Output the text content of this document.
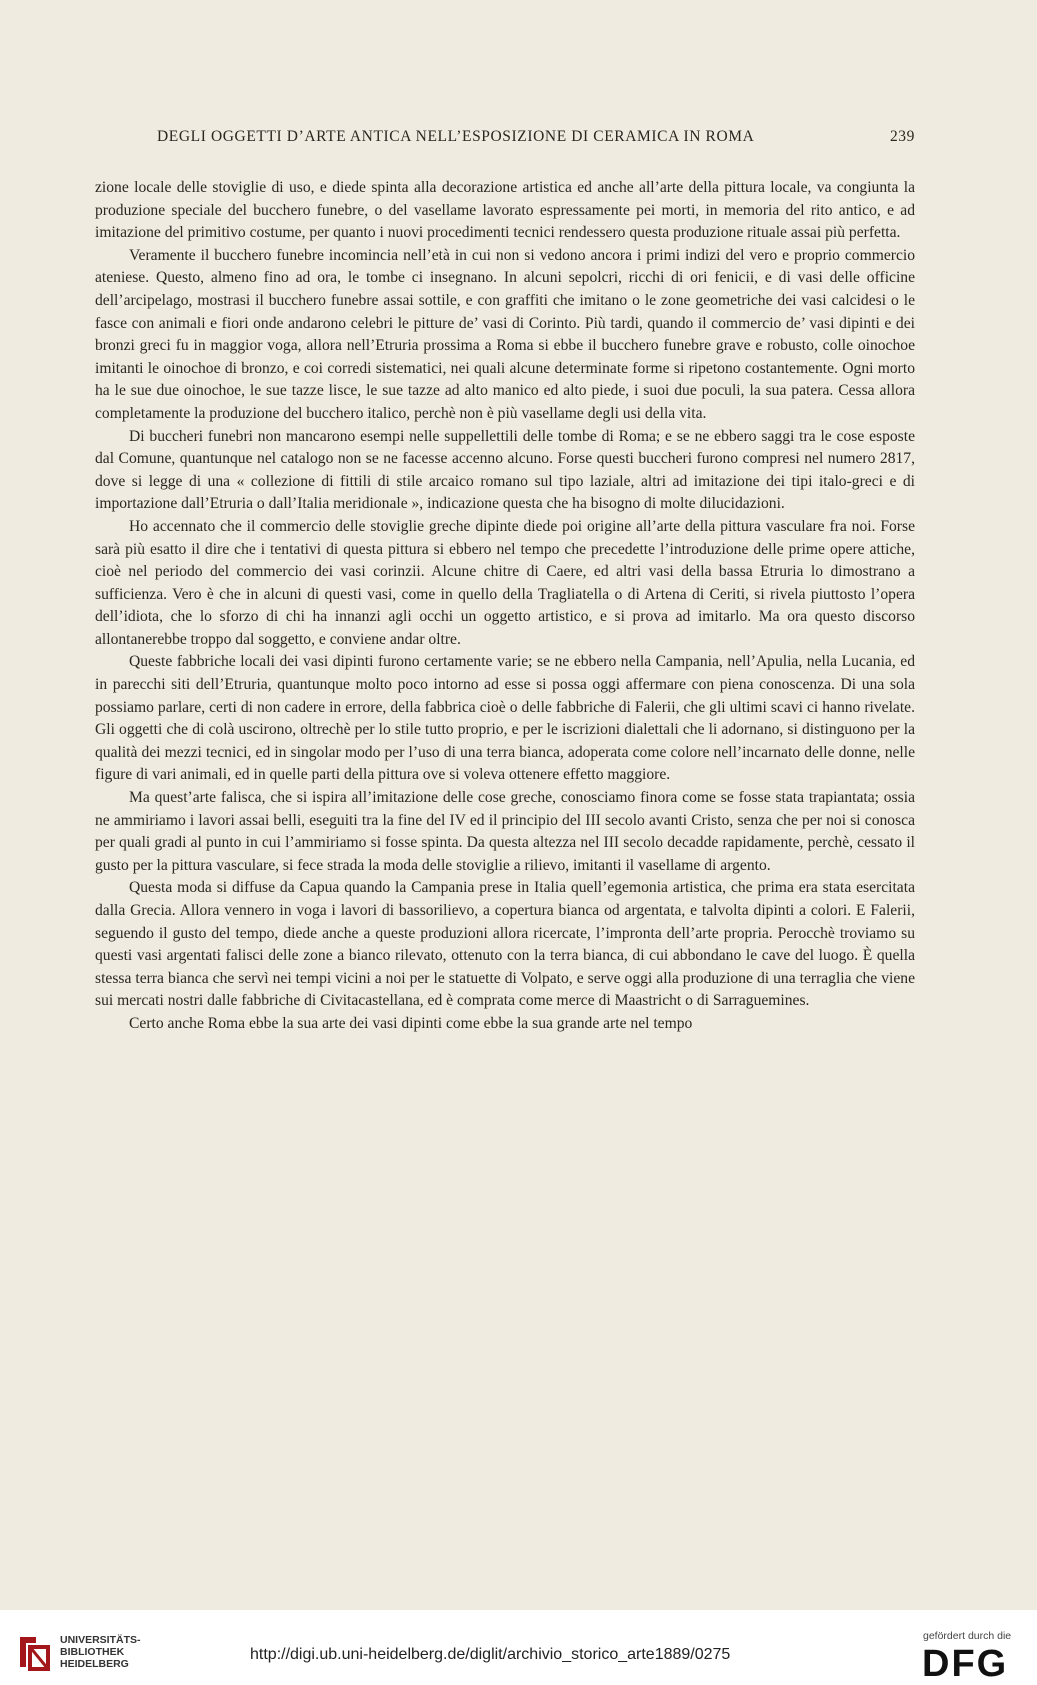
DEGLI OGGETTI D’ARTE ANTICA NELL’ESPOSIZIONE DI CERAMICA IN ROMA	239

zione locale delle stoviglie di uso, e diede spinta alla decorazione artistica ed anche all’arte della pittura locale, va congiunta la produzione speciale del bucchero funebre, o del vasellame lavorato espressamente pei morti, in memoria del rito antico, e ad imitazione del primitivo costume, per quanto i nuovi procedimenti tecnici rendessero questa produzione rituale assai più perfetta.

Veramente il bucchero funebre incomincia nell’età in cui non si vedono ancora i primi indizi del vero e proprio commercio ateniese. Questo, almeno fino ad ora, le tombe ci insegnano. In alcuni sepolcri, ricchi di ori fenicii, e di vasi delle officine dell’arcipelago, mostrasi il bucchero funebre assai sottile, e con graffiti che imitano o le zone geometriche dei vasi calcidesi o le fasce con animali e fiori onde andarono celebri le pitture de’ vasi di Corinto. Più tardi, quando il commercio de’ vasi dipinti e dei bronzi greci fu in maggior voga, allora nell’Etruria prossima a Roma si ebbe il bucchero funebre grave e robusto, colle oinochoe imitanti le oinochoe di bronzo, e coi corredi sistematici, nei quali alcune determinate forme si ripetono costantemente. Ogni morto ha le sue due oinochoe, le sue tazze lisce, le sue tazze ad alto manico ed alto piede, i suoi due poculi, la sua patera. Cessa allora completamente la produzione del bucchero italico, perchè non è più vasellame degli usi della vita.

Di buccheri funebri non mancarono esempi nelle suppellettili delle tombe di Roma; e se ne ebbero saggi tra le cose esposte dal Comune, quantunque nel catalogo non se ne facesse accenno alcuno. Forse questi buccheri furono compresi nel numero 2817, dove si legge di una « collezione di fittili di stile arcaico romano sul tipo laziale, altri ad imitazione dei tipi italo-greci e di importazione dall’Etruria o dall’Italia meridionale », indicazione questa che ha bisogno di molte dilucidazioni.

Ho accennato che il commercio delle stoviglie greche dipinte diede poi origine all’arte della pittura vasculare fra noi. Forse sarà più esatto il dire che i tentativi di questa pittura si ebbero nel tempo che precedette l’introduzione delle prime opere attiche, cioè nel periodo del commercio dei vasi corinzii. Alcune chitre di Caere, ed altri vasi della bassa Etruria lo dimostrano a sufficienza. Vero è che in alcuni di questi vasi, come in quello della Tragliatella o di Artena di Ceriti, si rivela piuttosto l’opera dell’idiota, che lo sforzo di chi ha innanzi agli occhi un oggetto artistico, e si prova ad imitarlo. Ma ora questo discorso allontanerebbe troppo dal soggetto, e conviene andar oltre.

Queste fabbriche locali dei vasi dipinti furono certamente varie; se ne ebbero nella Campania, nell’Apulia, nella Lucania, ed in parecchi siti dell’Etruria, quantunque molto poco intorno ad esse si possa oggi affermare con piena conoscenza. Di una sola possiamo parlare, certi di non cadere in errore, della fabbrica cioè o delle fabbriche di Falerii, che gli ultimi scavi ci hanno rivelate. Gli oggetti che di colà uscirono, oltrechè per lo stile tutto proprio, e per le iscrizioni dialettali che li adornano, si distinguono per la qualità dei mezzi tecnici, ed in singolar modo per l’uso di una terra bianca, adoperata come colore nell’incarnato delle donne, nelle figure di vari animali, ed in quelle parti della pittura ove si voleva ottenere effetto maggiore.

Ma quest’arte falisca, che si ispira all’imitazione delle cose greche, conosciamo finora come se fosse stata trapiantata; ossia ne ammiriamo i lavori assai belli, eseguiti tra la fine del IV ed il principio del III secolo avanti Cristo, senza che per noi si conosca per quali gradi al punto in cui l’ammiriamo si fosse spinta. Da questa altezza nel III secolo decadde rapidamente, perchè, cessato il gusto per la pittura vasculare, si fece strada la moda delle stoviglie a rilievo, imitanti il vasellame di argento.

Questa moda si diffuse da Capua quando la Campania prese in Italia quell’egemonia artistica, che prima era stata esercitata dalla Grecia. Allora vennero in voga i lavori di bassorilievo, a copertura bianca od argentata, e talvolta dipinti a colori. E Falerii, seguendo il gusto del tempo, diede anche a queste produzioni allora ricercate, l’impronta dell’arte propria. Perocchè troviamo su questi vasi argentati falisci delle zone a bianco rilevato, ottenuto con la terra bianca, di cui abbondano le cave del luogo. È quella stessa terra bianca che servì nei tempi vicini a noi per le statuette di Volpato, e serve oggi alla produzione di una terraglia che viene sui mercati nostri dalle fabbriche di Civitacastellana, ed è comprata come merce di Maastricht o di Sarraguemines.

Certo anche Roma ebbe la sua arte dei vasi dipinti come ebbe la sua grande arte nel tempo

UNIVERSITÄTS-
BIBLIOTHEK
HEIDELBERG
http://digi.ub.uni-heidelberg.de/diglit/archivio_storico_arte1889/0275
gefördert durch die
DFG
